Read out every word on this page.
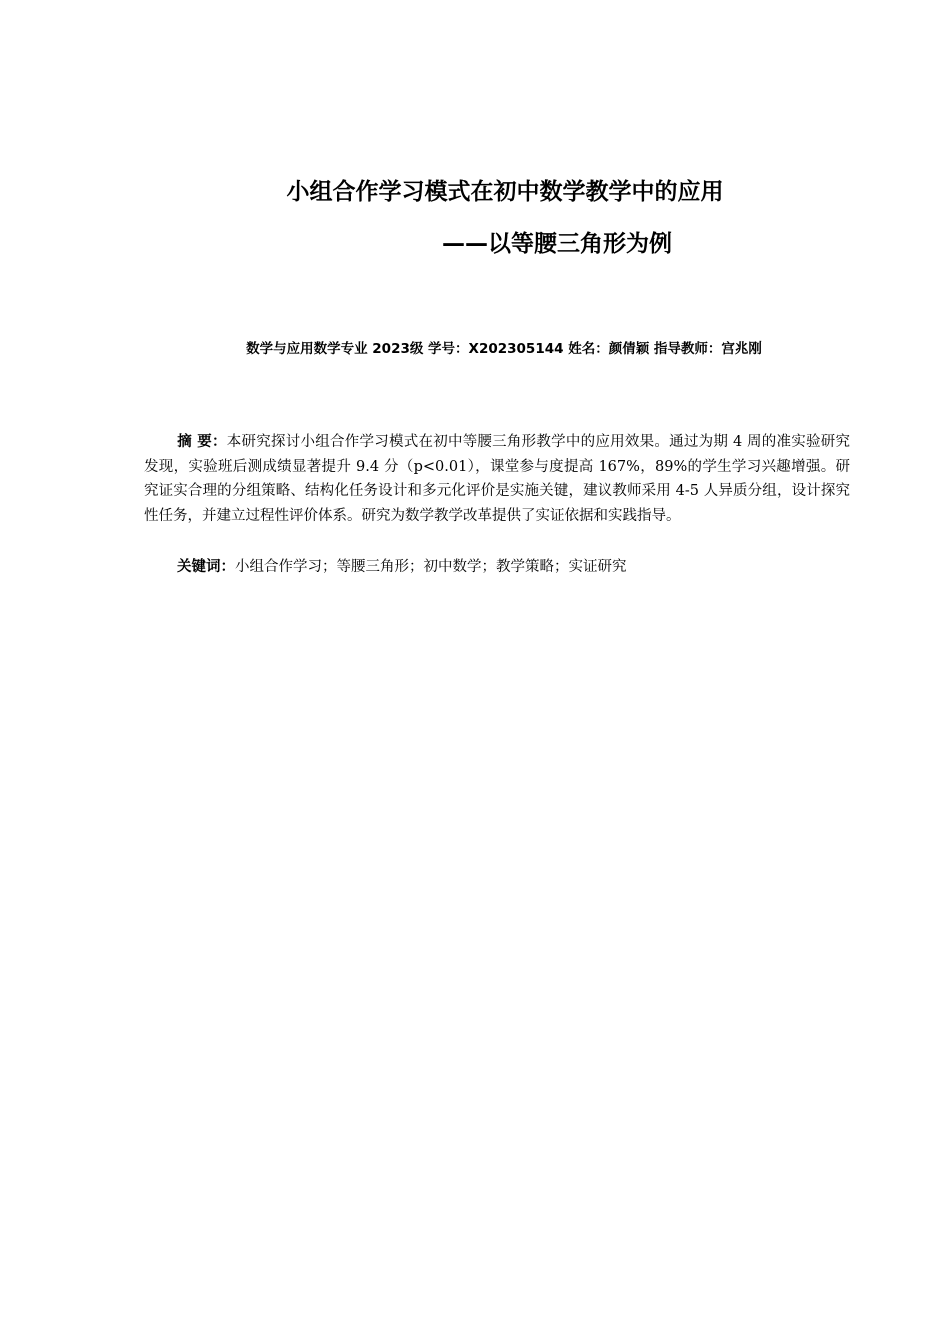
小组合作学习模式在初中数学教学中的应用
——以等腰三角形为例

数学与应用数学专业 2023级 学号：X202305144 姓名：颜倩颖 指导教师：宫兆刚

摘 要：本研究探讨小组合作学习模式在初中等腰三角形教学中的应用效果。通过为期 4 周的准实验研究发现，实验班后测成绩显著提升 9.4 分（p<0.01），课堂参与度提高 167%，89%的学生学习兴趣增强。研究证实合理的分组策略、结构化任务设计和多元化评价是实施关键，建议教师采用 4-5 人异质分组，设计探究性任务，并建立过程性评价体系。研究为数学教学改革提供了实证依据和实践指导。

关键词：小组合作学习；等腰三角形；初中数学；教学策略；实证研究
